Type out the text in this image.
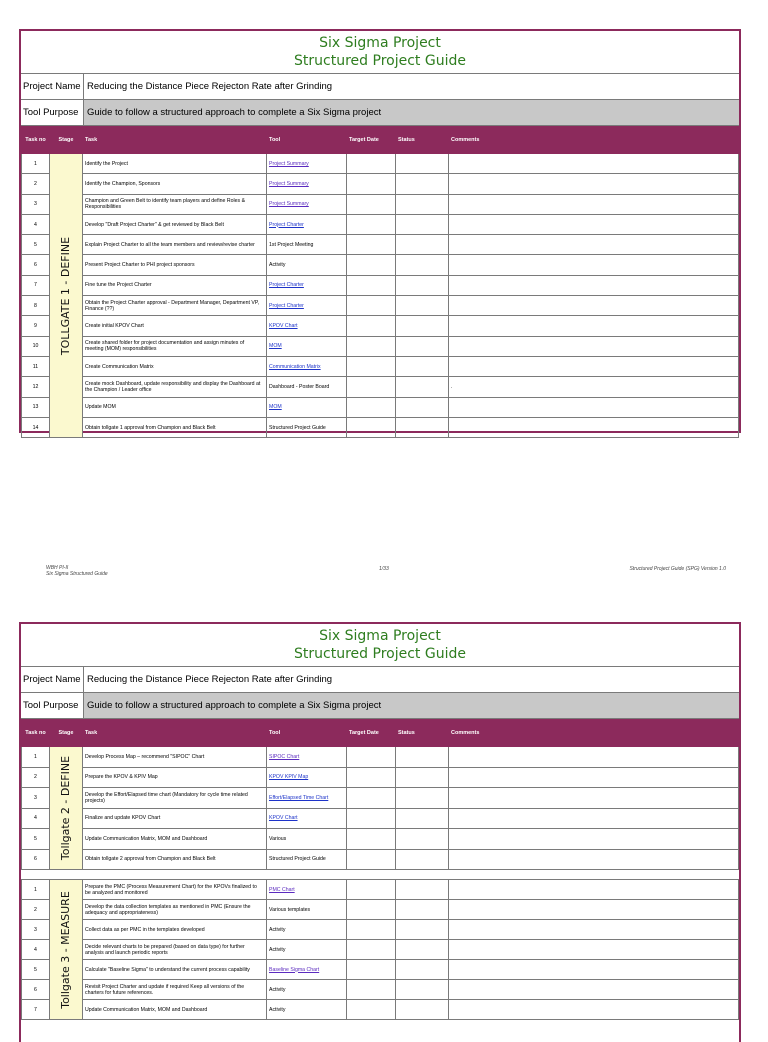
Six Sigma Project
Structured Project Guide
Project Name Reducing the Distance Piece Rejecton Rate after Grinding
Tool Purpose Guide to follow a structured approach to complete a Six Sigma project
Task no	Stage	Task	Tool	Target Date	Status	Comments
1	TOLLGATE 1 - DEFINE	Identify the Project	Project Summary			
2		Identify the Champion, Sponsors	Project Summary			
3		Champion and Green Belt to identify team players and define Roles & Responsibilities	Project Summary			
4		Develop "Draft Project Charter" & get reviewed by Black Belt	Project Charter			
5		Explain Project Charter to all the team members and review/revise charter	1st Project Meeting			
6		Present Project Charter to PHI project sponsors	Activity			
7		Fine tune the Project Charter	Project Charter			
8		Obtain the Project Charter approval - Department Manager, Department VP, Finance (??)	Project Charter			
9		Create initial KPOV Chart	KPOV Chart			
10		Create shared folder for project documentation and assign minutes of meeting (MOM) responsibilities	MOM			
11		Create Communication Matrix	Communication Matrix			
12		Create mock Dashboard, update responsibility and display the Dashboard at the Champion / Leader office	Dashboard - Poster Board			.
13		Update MOM	MOM			
14		Obtain tollgate 1 approval from Champion and Black Belt	Structured Project Guide			
WBH PI-II
Six Sigma Structured Guide
1/33	Structured Project Guide (SPG) Version 1.0
Six Sigma Project
Structured Project Guide
Project Name Reducing the Distance Piece Rejecton Rate after Grinding
Tool Purpose Guide to follow a structured approach to complete a Six Sigma project
Task no	Stage	Task	Tool	Target Date	Status	Comments
1	Tollgate 2 - DEFINE	Develop Process Map – recommend "SIPOC" Chart	SIPOC Chart			
2		Prepare the KPOV & KPIV Map	KPOV KPIV Map			
3		Develop the Effort/Elapsed time chart (Mandatory for cycle time related projects)	Effort/Elapsed Time Chart			
4		Finalize and update KPOV Chart	KPOV Chart			
5		Update Communication Matrix, MOM and Dashboard	Various			
6		Obtain tollgate 2 approval from Champion and Black Belt	Structured Project Guide			

1	Tollgate 3 - MEASURE	Prepare the PMC (Process Measurement Chart) for the KPOVs finalized to be analyzed and monitored	PMC Chart			
2		Develop the data collection templates as mentioned in PMC (Ensure the adequacy and appropriateness)	Various templates			
3		Collect data as per PMC in the templates developed	Activity			
4		Decide relevant charts to be prepared (based on data type) for further analysis and launch periodic reports	Activity			
5		Calculate "Baseline Sigma" to understand the current process capability	Baseline Sigma Chart			
6		Revisit Project Charter and update if required Keep all versions of the charters for future references.	Activity			
7		Update Communication Matrix, MOM and Dashboard	Activity			
